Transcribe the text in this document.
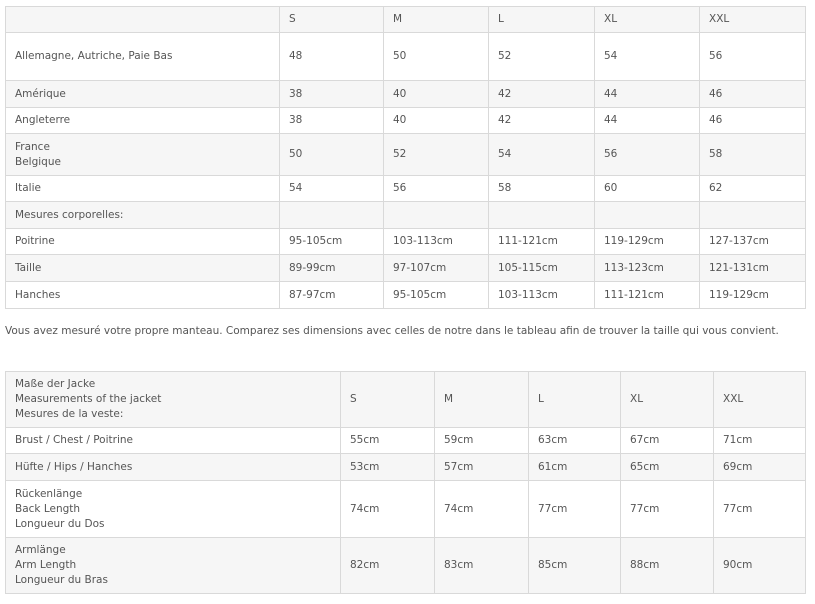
	S	M	L	XL	XXL
Allemagne, Autriche, Paie Bas	48	50	52	54	56
Amérique	38	40	42	44	46
Angleterre	38	40	42	44	46
France
Belgique	50	52	54	56	58
Italie	54	56	58	60	62
Mesures corporelles:					
Poitrine	95-105cm	103-113cm	111-121cm	119-129cm	127-137cm
Taille	89-99cm	97-107cm	105-115cm	113-123cm	121-131cm
Hanches	87-97cm	95-105cm	103-113cm	111-121cm	119-129cm
Vous avez mesuré votre propre manteau. Comparez ses dimensions avec celles de notre dans le tableau afin de trouver la taille qui vous convient.
Maße der Jacke
Measurements of the jacket
Mesures de la veste:	S	M	L	XL	XXL
Brust / Chest / Poitrine	55cm	59cm	63cm	67cm	71cm
Hüfte / Hips / Hanches	53cm	57cm	61cm	65cm	69cm
Rückenlänge
Back Length
Longueur du Dos	74cm	74cm	77cm	77cm	77cm
Armlänge
Arm Length
Longueur du Bras	82cm	83cm	85cm	88cm	90cm
